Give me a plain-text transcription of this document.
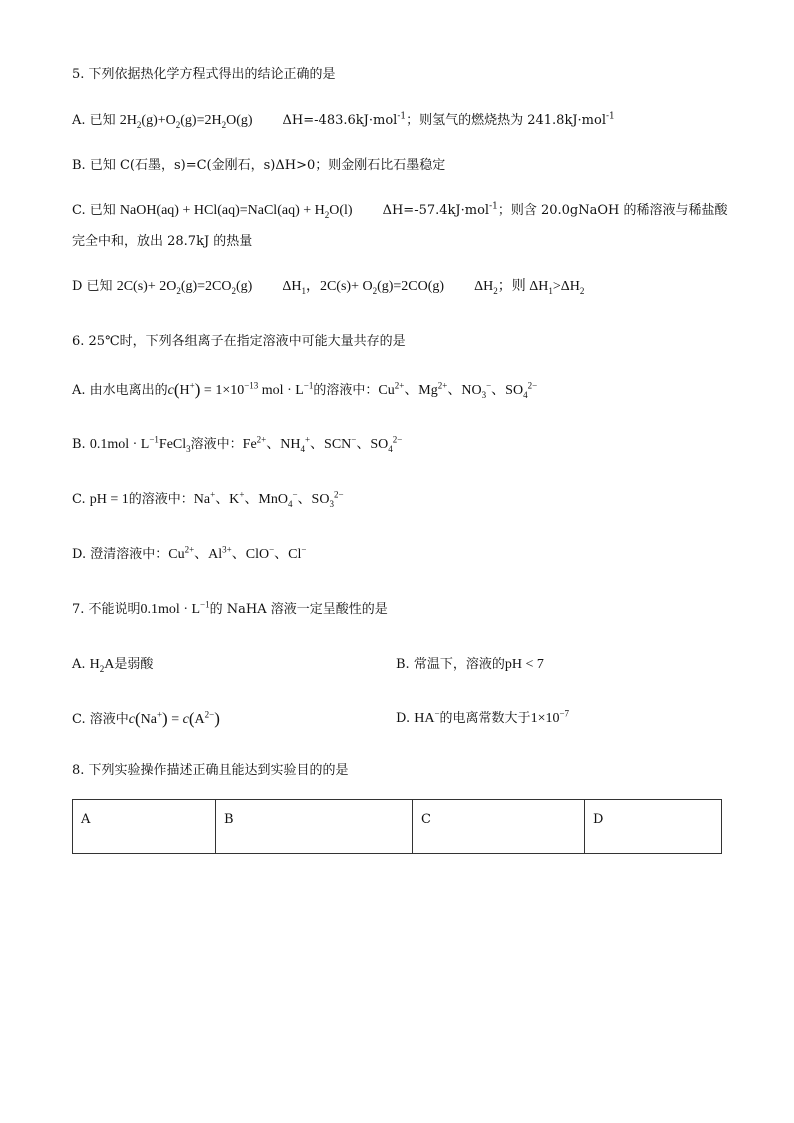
5. 下列依据热化学方程式得出的结论正确的是
A. 已知 $2H_2(g)+O_2(g)=2H_2O(g)$ ΔH=-483.6kJ·mol$^{-1}$；则氢气的燃烧热为 241.8kJ·mol$^{-1}$
B. 已知 C(石墨，s)=C(金刚石，s)ΔH>0；则金刚石比石墨稳定
C. 已知 NaOH(aq) + HCl(aq)=NaCl(aq) + $H_2O(l)$ ΔH=-57.4kJ·mol$^{-1}$；则含 20.0gNaOH 的稀溶液与稀盐酸
完全中和，放出 28.7kJ 的热量
D 已知 $2C(s)+ 2O_2(g)=2CO_2(g)$ $\Delta H_1$，$2C(s)+ O_2(g)=2CO(g)$ $\Delta H_2$；则 $\Delta H_1>\Delta H_2$
6. 25℃时，下列各组离子在指定溶液中可能大量共存的是
A. 由水电离出的$c(H^+) = 1\times 10^{-13}$ mol · $L^{-1}$的溶液中：$Cu^{2+}$、$Mg^{2+}$、$NO_3^-$、$SO_4^{2-}$
B. $0.1mol \cdot L^{-1}FeCl_3$溶液中：$Fe^{2+}$、$NH_4^+$、SCN−、$SO_4^{2-}$
C. pH = 1的溶液中：Na+、K+、MnO$_4$−、$SO_3^{2-}$
D. 澄清溶液中：$Cu^{2+}$、$Al^{3+}$、ClO−、Cl−
7. 不能说明$0.1mol \cdot L^{-1}$的 NaHA 溶液一定呈酸性的是
A. $H_2A$是弱酸	B. 常温下，溶液的pH < 7
C. 溶液中$c(Na^+) = c(A^{2-})$	D. HA−的电离常数大于$1\times 10^{-7}$
8. 下列实验操作描述正确且能达到实验目的的是
A	B	C	D
